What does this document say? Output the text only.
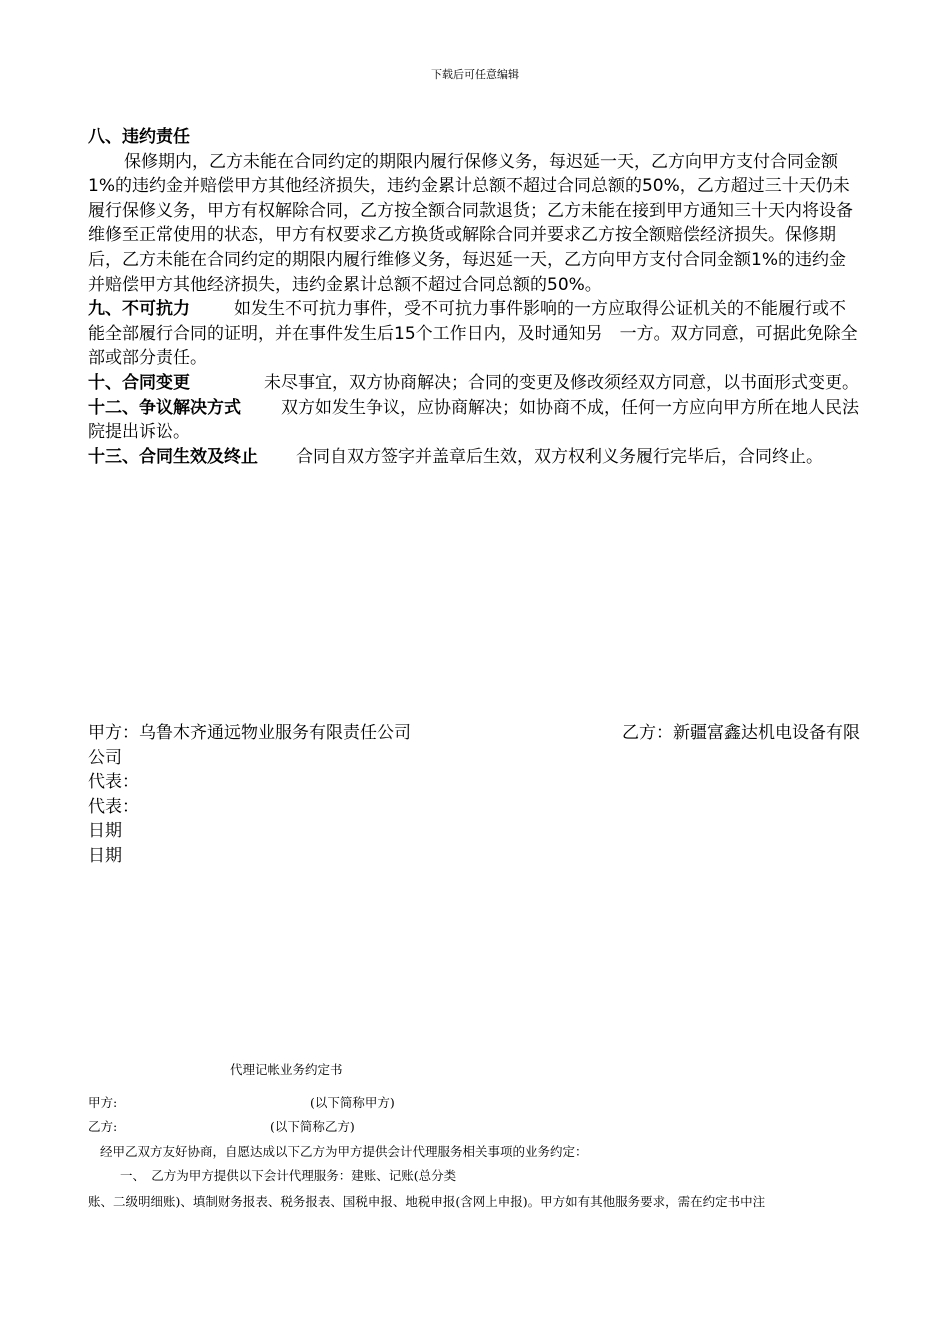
下载后可任意编辑

八、违约责任

保修期内，乙方未能在合同约定的期限内履行保修义务，每迟延一天，乙方向甲方支付合同金额1%的违约金并赔偿甲方其他经济损失，违约金累计总额不超过合同总额的50%，乙方超过三十天仍未履行保修义务，甲方有权解除合同，乙方按全额合同款退货；乙方未能在接到甲方通知三十天内将设备维修至正常使用的状态，甲方有权要求乙方换货或解除合同并要求乙方按全额赔偿经济损失。保修期后，乙方未能在合同约定的期限内履行维修义务，每迟延一天，乙方向甲方支付合同金额1%的违约金并赔偿甲方其他经济损失，违约金累计总额不超过合同总额的50%。

九、不可抗力	如发生不可抗力事件，受不可抗力事件影响的一方应取得公证机关的不能履行或不能全部履行合同的证明，并在事件发生后15个工作日内，及时通知另　一方。双方同意，可据此免除全部或部分责任。

十、合同变更	未尽事宜，双方协商解决；合同的变更及修改须经双方同意，以书面形式变更。

十二、争议解决方式 双方如发生争议，应协商解决；如协商不成，任何一方应向甲方所在地人民法院提出诉讼。

十三、合同生效及终止 合同自双方签字并盖章后生效，双方权利义务履行完毕后，合同终止。

甲方：乌鲁木齐通远物业服务有限责任公司	乙方：新疆富鑫达机电设备有限

公司

代表：

代表：

日期

日期

代理记帐业务约定书
甲方:	(以下简称甲方)
乙方:	(以下简称乙方)
经甲乙双方友好协商，自愿达成以下乙方为甲方提供会计代理服务相关事项的业务约定：
一、　乙方为甲方提供以下会计代理服务：建账、记账(总分类
账、二级明细账)、填制财务报表、税务报表、国税申报、地税申报(含网上申报)。甲方如有其他服务要求，需在约定书中注
